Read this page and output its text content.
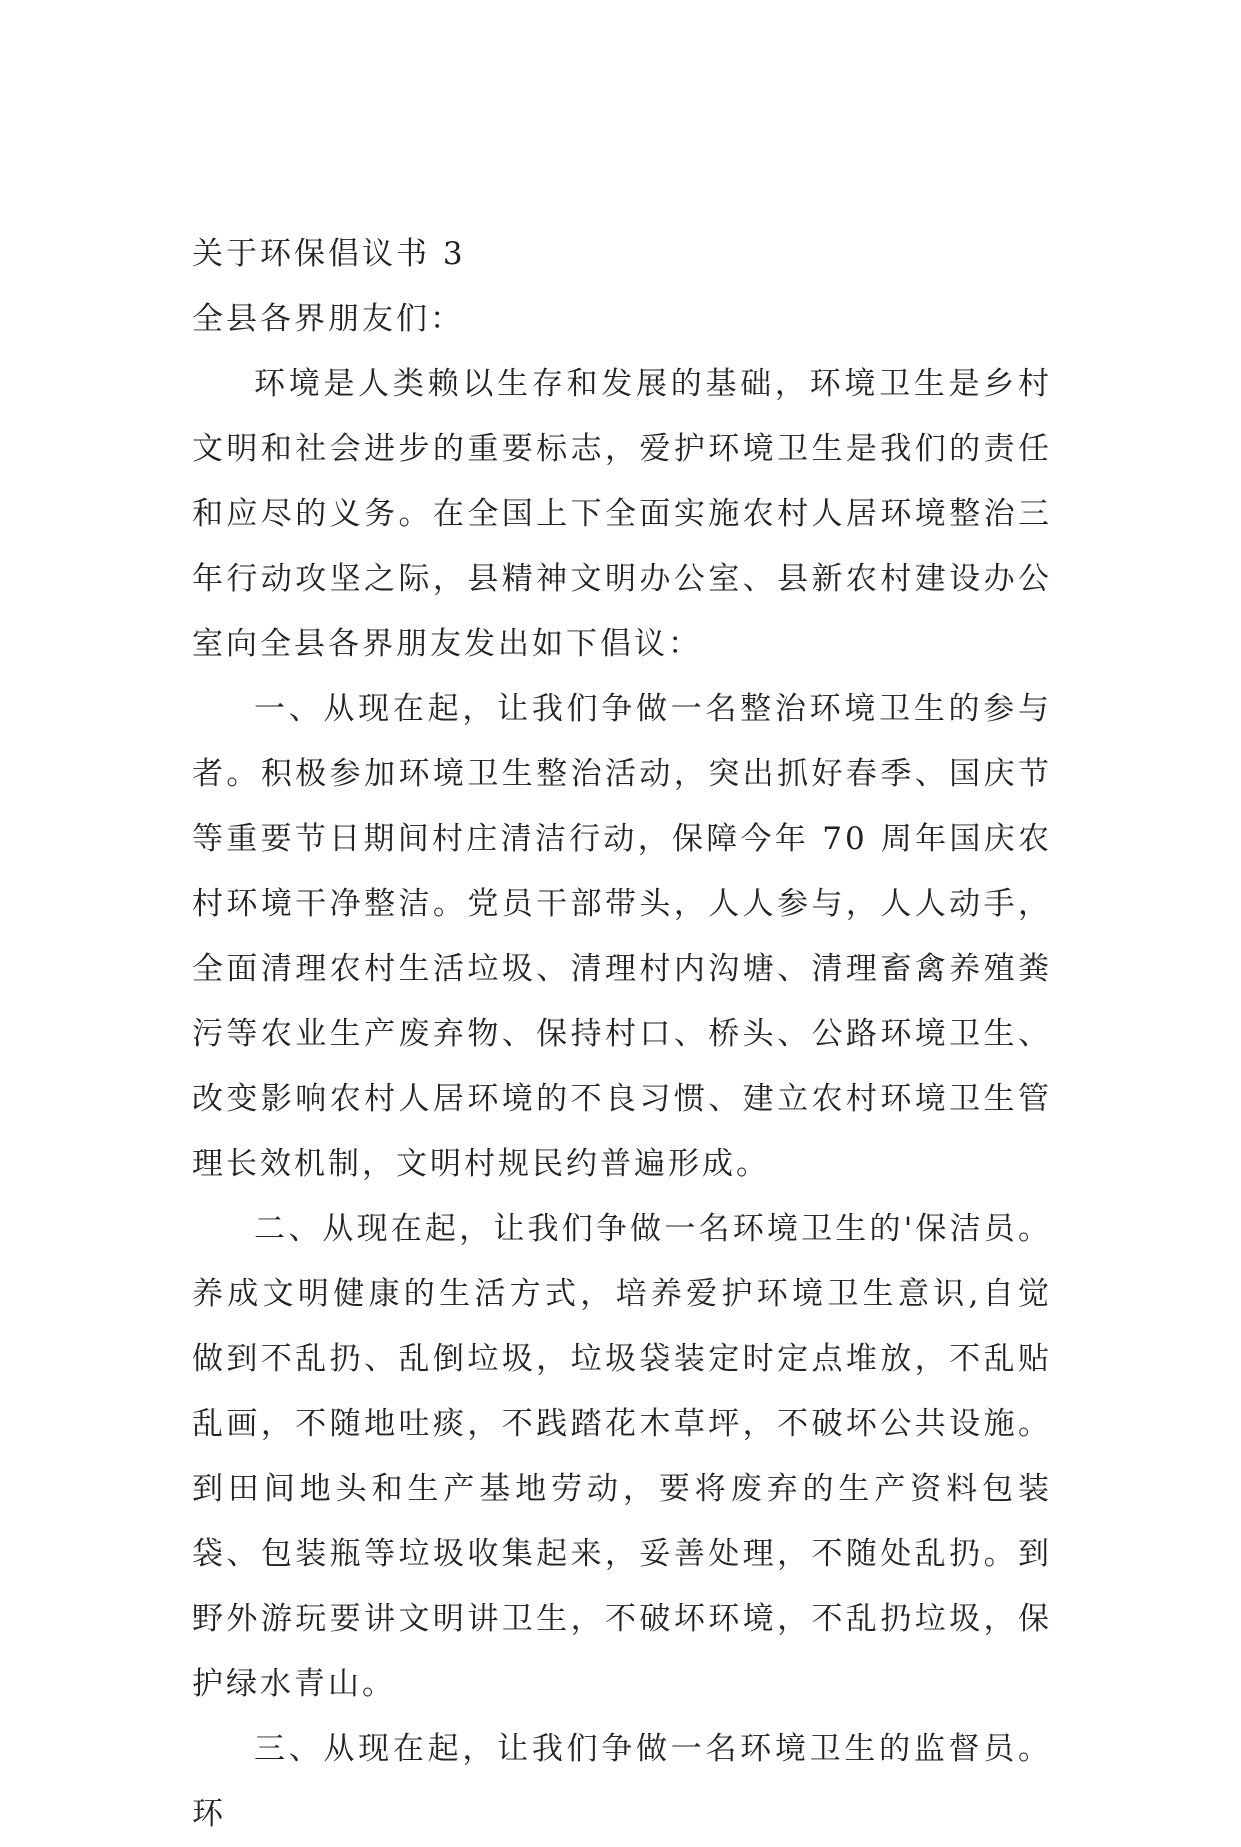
关于环保倡议书 3
全县各界朋友们：

环境是人类赖以生存和发展的基础，环境卫生是乡村文明和社会进步的重要标志，爱护环境卫生是我们的责任和应尽的义务。在全国上下全面实施农村人居环境整治三年行动攻坚之际，县精神文明办公室、县新农村建设办公室向全县各界朋友发出如下倡议：

一、从现在起，让我们争做一名整治环境卫生的参与者。积极参加环境卫生整治活动，突出抓好春季、国庆节等重要节日期间村庄清洁行动，保障今年 70 周年国庆农村环境干净整洁。党员干部带头，人人参与，人人动手，全面清理农村生活垃圾、清理村内沟塘、清理畜禽养殖粪污等农业生产废弃物、保持村口、桥头、公路环境卫生、改变影响农村人居环境的不良习惯、建立农村环境卫生管理长效机制，文明村规民约普遍形成。

二、从现在起，让我们争做一名环境卫生的'保洁员。养成文明健康的生活方式，培养爱护环境卫生意识,自觉做到不乱扔、乱倒垃圾，垃圾袋装定时定点堆放，不乱贴乱画，不随地吐痰，不践踏花木草坪，不破坏公共设施。到田间地头和生产基地劳动，要将废弃的生产资料包装袋、包装瓶等垃圾收集起来，妥善处理，不随处乱扔。到野外游玩要讲文明讲卫生，不破坏环境，不乱扔垃圾，保护绿水青山。

三、从现在起，让我们争做一名环境卫生的监督员。环
